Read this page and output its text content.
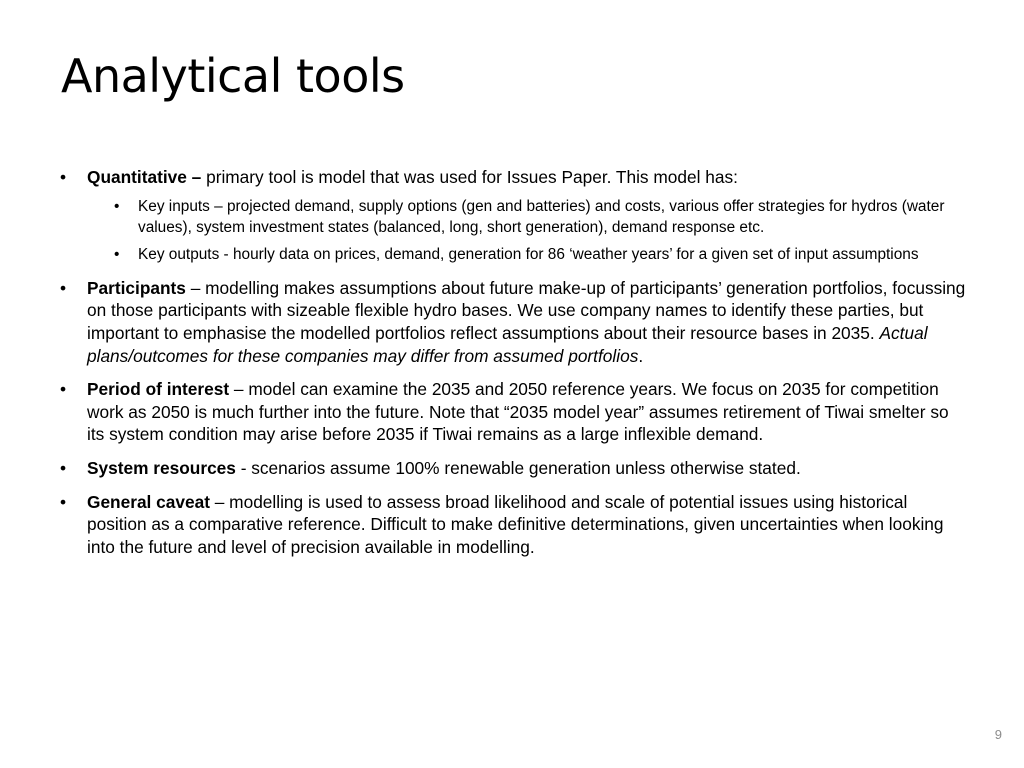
Analytical tools
• Quantitative – primary tool is model that was used for Issues Paper. This model has:
• Key inputs – projected demand, supply options (gen and batteries) and costs, various offer strategies for hydros (water values), system investment states (balanced, long, short generation), demand response etc.
• Key outputs - hourly data on prices, demand, generation for 86 ‘weather years’ for a given set of input assumptions
• Participants – modelling makes assumptions about future make-up of participants’ generation portfolios, focussing on those participants with sizeable flexible hydro bases. We use company names to identify these parties, but important to emphasise the modelled portfolios reflect assumptions about their resource bases in 2035. Actual plans/outcomes for these companies may differ from assumed portfolios.
• Period of interest – model can examine the 2035 and 2050 reference years. We focus on 2035 for competition work as 2050 is much further into the future. Note that “2035 model year” assumes retirement of Tiwai smelter so its system condition may arise before 2035 if Tiwai remains as a large inflexible demand.
• System resources - scenarios assume 100% renewable generation unless otherwise stated.
• General caveat – modelling is used to assess broad likelihood and scale of potential issues using historical position as a comparative reference. Difficult to make definitive determinations, given uncertainties when looking into the future and level of precision available in modelling.
9
